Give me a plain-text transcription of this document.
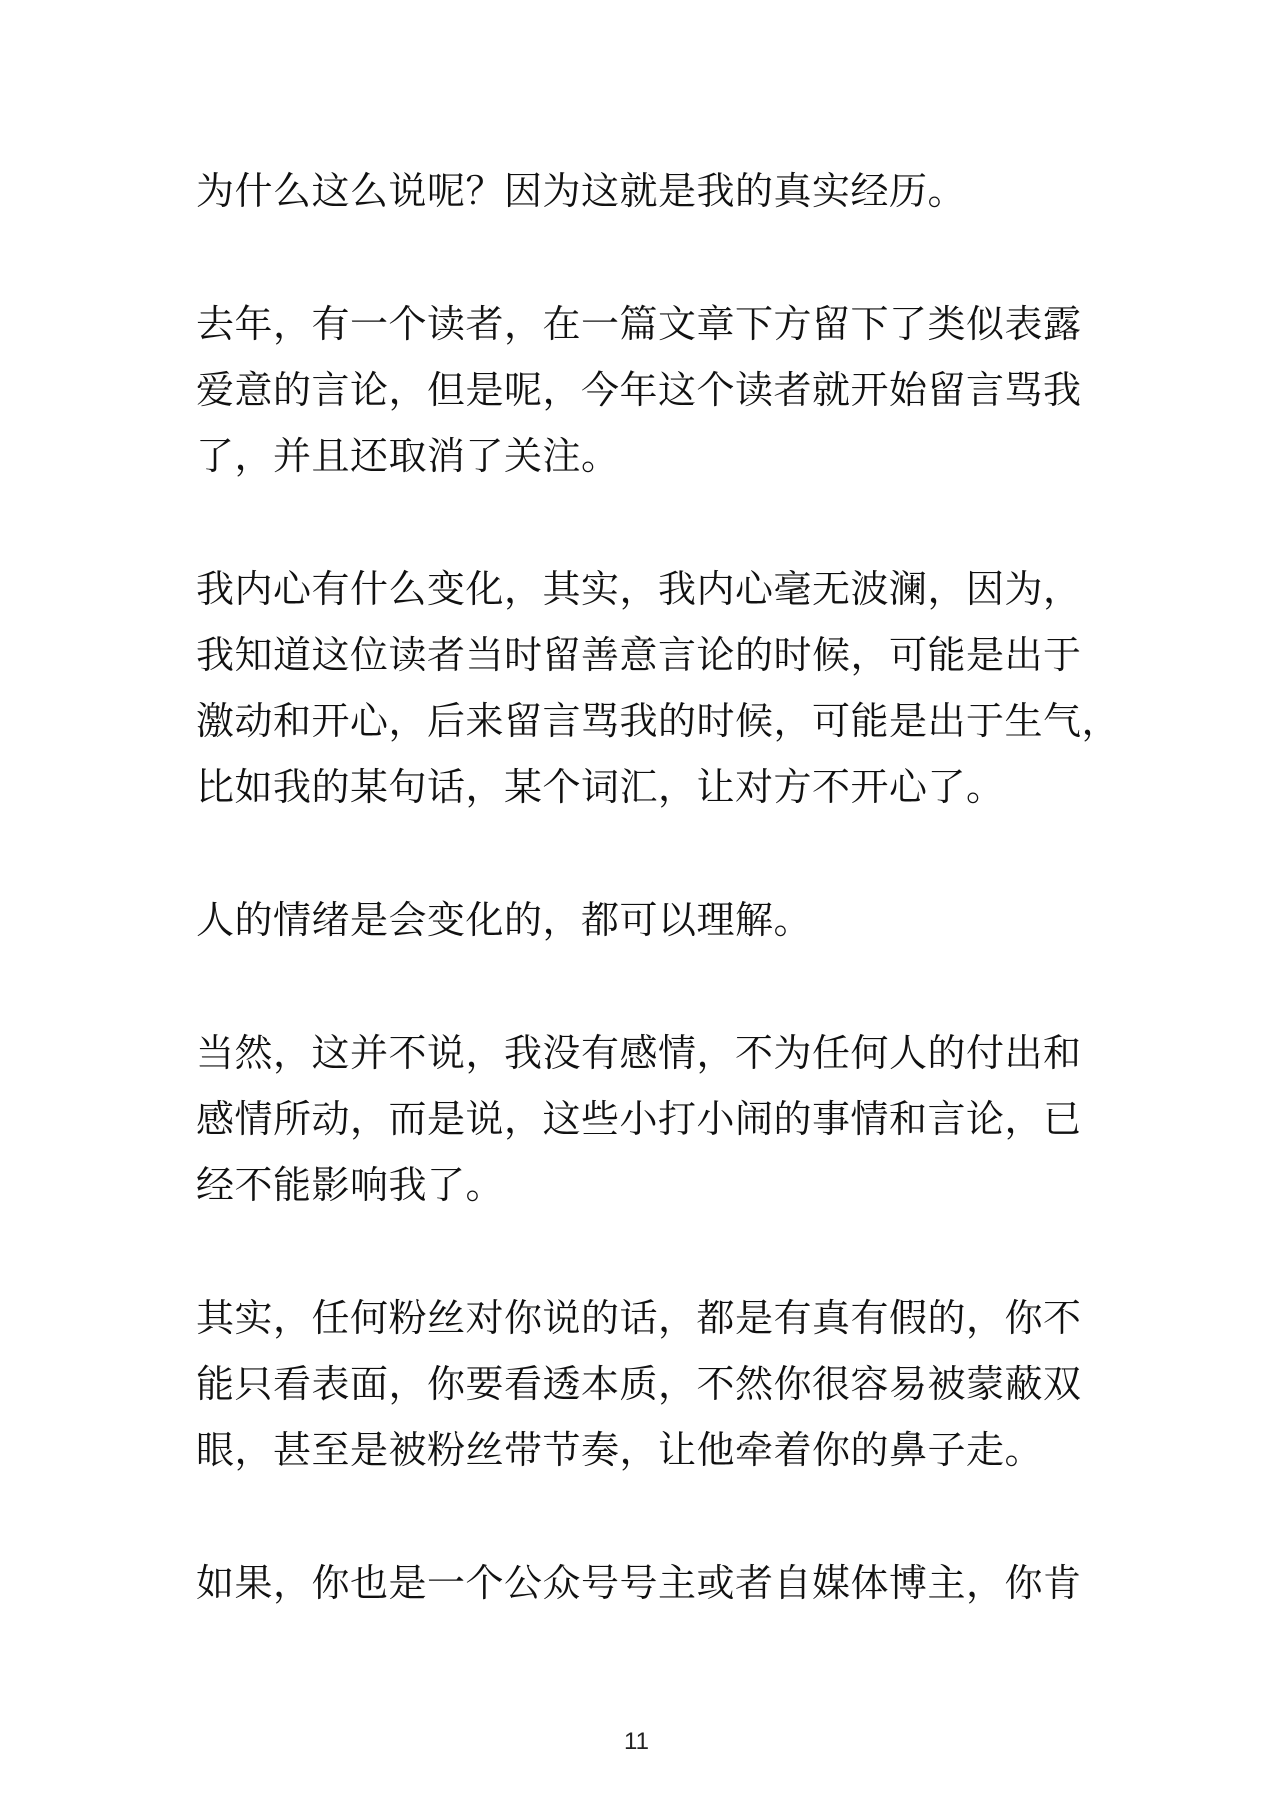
为什么这么说呢？因为这就是我的真实经历。

去年，有一个读者，在一篇文章下方留下了类似表露

爱意的言论，但是呢，今年这个读者就开始留言骂我

了，并且还取消了关注。

我内心有什么变化，其实，我内心毫无波澜，因为，

我知道这位读者当时留善意言论的时候，可能是出于

激动和开心，后来留言骂我的时候，可能是出于生气，

比如我的某句话，某个词汇，让对方不开心了。

人的情绪是会变化的，都可以理解。

当然，这并不说，我没有感情，不为任何人的付出和

感情所动，而是说，这些小打小闹的事情和言论，已

经不能影响我了。

其实，任何粉丝对你说的话，都是有真有假的，你不

能只看表面，你要看透本质，不然你很容易被蒙蔽双

眼，甚至是被粉丝带节奏，让他牵着你的鼻子走。

如果，你也是一个公众号号主或者自媒体博主，你肯

11
